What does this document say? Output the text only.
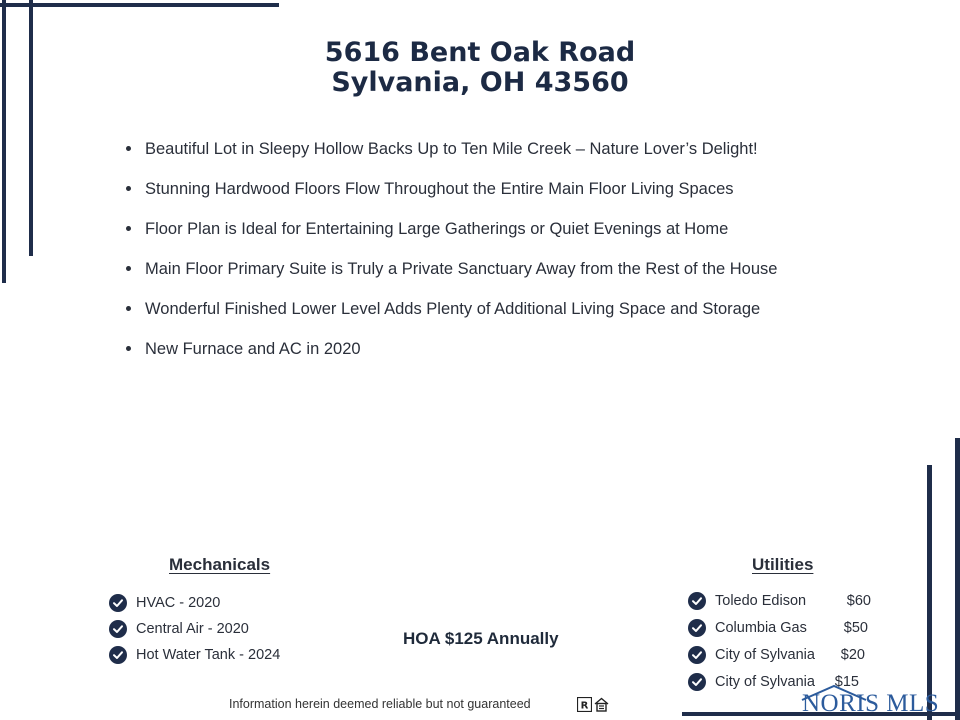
5616 Bent Oak Road
Sylvania, OH 43560
Beautiful Lot in Sleepy Hollow Backs Up to Ten Mile Creek – Nature Lover’s Delight!
Stunning Hardwood Floors Flow Throughout the Entire Main Floor Living Spaces
Floor Plan is Ideal for Entertaining Large Gatherings or Quiet Evenings at Home
Main Floor Primary Suite is Truly a Private Sanctuary Away from the Rest of the House
Wonderful Finished Lower Level Adds Plenty of Additional Living Space and Storage
New Furnace and AC in 2020
Mechanicals
HVAC - 2020
Central Air - 2020
Hot Water Tank - 2024
HOA $125 Annually
Utilities
Toledo Edison	$60
Columbia Gas	$50
City of Sylvania $20
City of Sylvania $15
Information herein deemed reliable but not guaranteed	R	NORIS MLS
